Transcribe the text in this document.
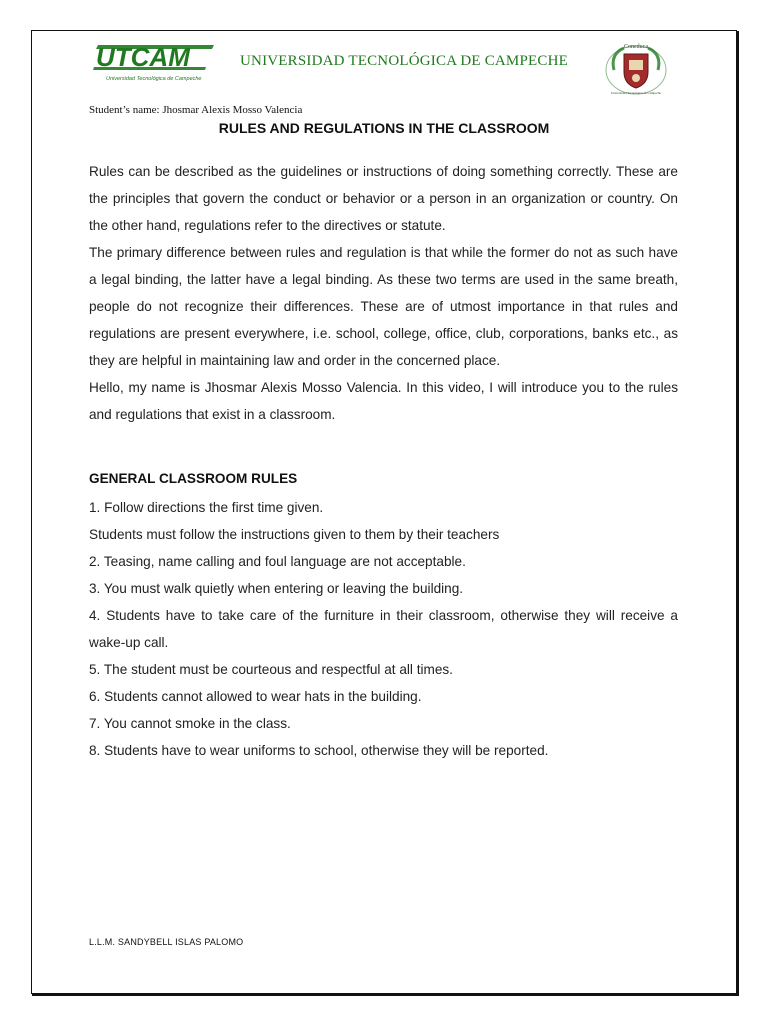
UTCAM
Universidad Tecnológica de Campeche
UNIVERSIDAD TECNOLÓGICA DE CAMPECHE
Coneduca
Universidad Tecnológica de Campeche
Student’s name: Jhosmar Alexis Mosso Valencia
RULES AND REGULATIONS IN THE CLASSROOM

Rules can be described as the guidelines or instructions of doing something correctly. These are the principles that govern the conduct or behavior or a person in an organization or country. On the other hand, regulations refer to the directives or statute.

The primary difference between rules and regulation is that while the former do not as such have a legal binding, the latter have a legal binding. As these two terms are used in the same breath, people do not recognize their differences. These are of utmost importance in that rules and regulations are present everywhere, i.e. school, college, office, club, corporations, banks etc., as they are helpful in maintaining law and order in the concerned place.

Hello, my name is Jhosmar Alexis Mosso Valencia. In this video, I will introduce you to the rules and regulations that exist in a classroom.

GENERAL CLASSROOM RULES

1. Follow directions the first time given.

Students must follow the instructions given to them by their teachers

2. Teasing, name calling and foul language are not acceptable.

3. You must walk quietly when entering or leaving the building.

4. Students have to take care of the furniture in their classroom, otherwise they will receive a wake-up call.

5. The student must be courteous and respectful at all times.

6. Students cannot allowed to wear hats in the building.

7. You cannot smoke in the class.

8. Students have to wear uniforms to school, otherwise they will be reported.

L.L.M. SANDYBELL ISLAS PALOMO
